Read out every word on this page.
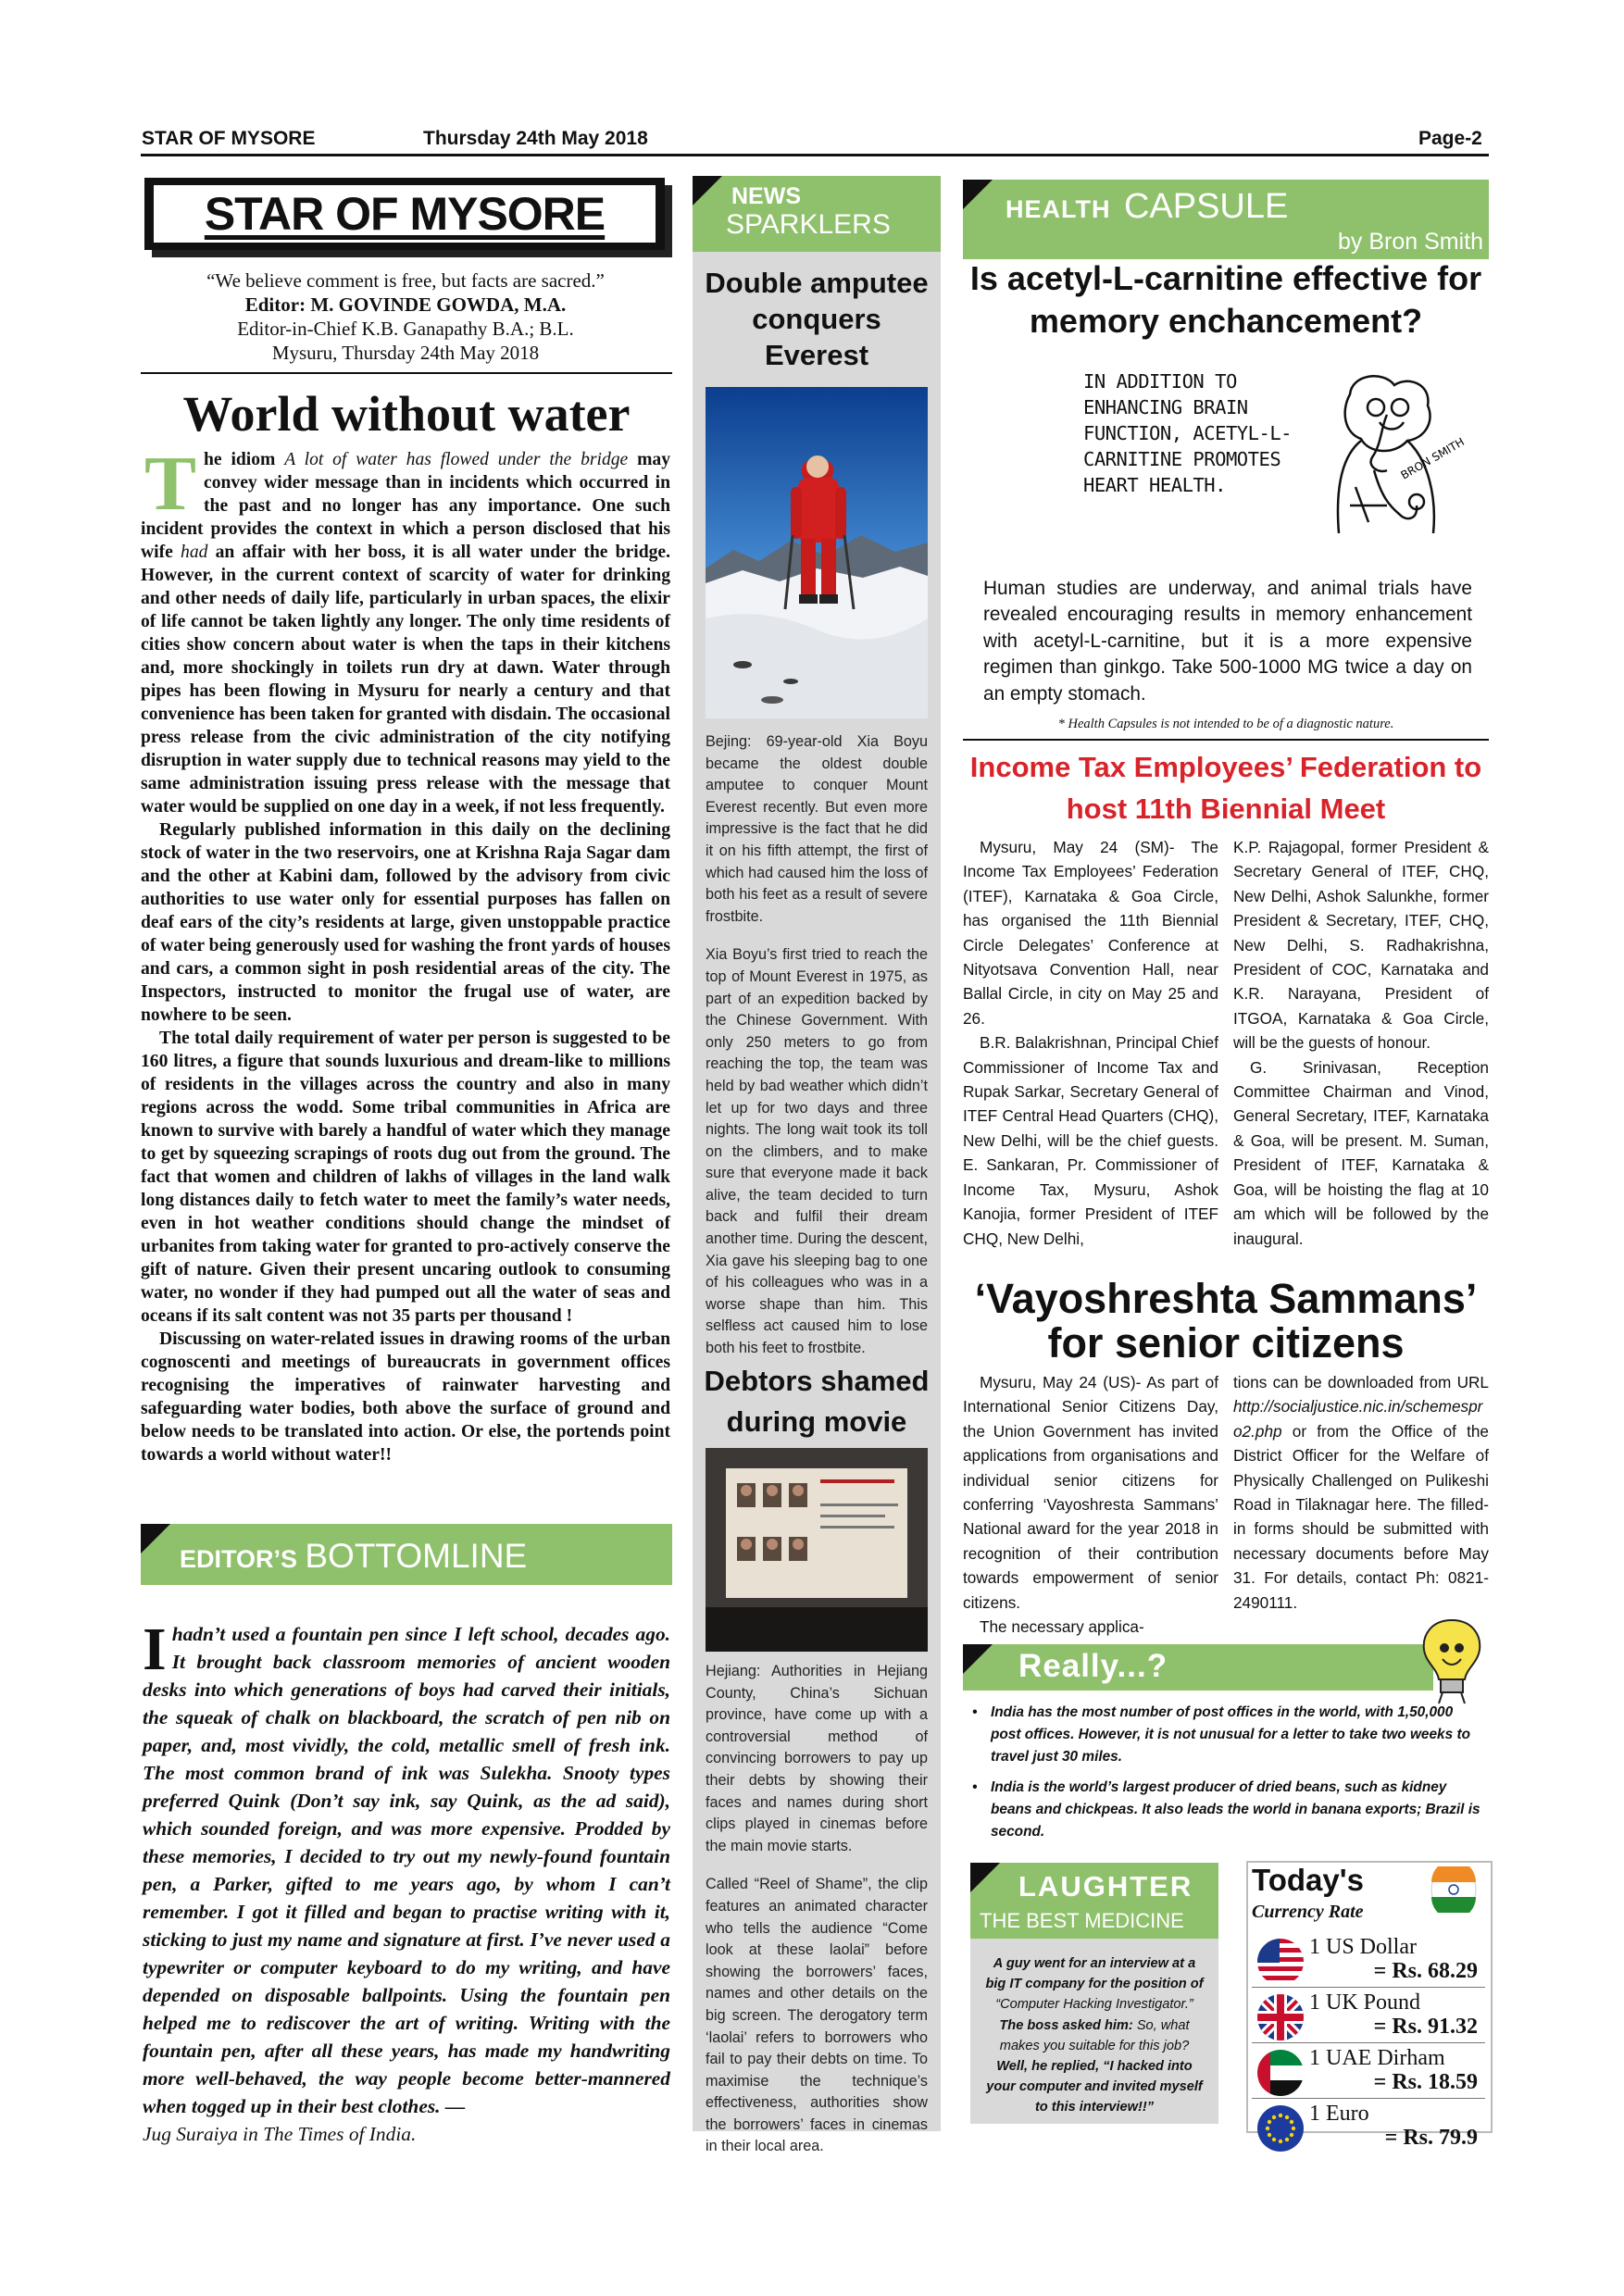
STAR OF MYSORE	Thursday 24th May 2018	Page-2
STAR OF MYSORE
“We believe comment is free, but facts are sacred.”
Editor: M. GOVINDE GOWDA, M.A.
Editor-in-Chief K.B. Ganapathy B.A.; B.L.
Mysuru, Thursday 24th May 2018
World without water

The idiom A lot of water has flowed under the bridge may convey wider message than in incidents which occurred in the past and no longer has any importance. One such incident provides the context in which a person disclosed that his wife had an affair with her boss, it is all water under the bridge. However, in the current context of scarcity of water for drinking and other needs of daily life, particularly in urban spaces, the elixir of life cannot be taken lightly any longer. The only time residents of cities show concern about water is when the taps in their kitchens and, more shockingly in toilets run dry at dawn. Water through pipes has been flowing in Mysuru for nearly a century and that convenience has been taken for granted with disdain. The occasional press release from the civic administration of the city notifying disruption in water supply due to technical reasons may yield to the same administration issuing press release with the message that water would be supplied on one day in a week, if not less frequently.

Regularly published information in this daily on the declining stock of water in the two reservoirs, one at Krishna Raja Sagar dam and the other at Kabini dam, followed by the advisory from civic authorities to use water only for essential purposes has fallen on deaf ears of the city’s residents at large, given unstoppable practice of water being generously used for washing the front yards of houses and cars, a common sight in posh residential areas of the city. The Inspectors, instructed to monitor the frugal use of water, are nowhere to be seen.

The total daily requirement of water per person is suggested to be 160 litres, a figure that sounds luxurious and dream-like to millions of residents in the villages across the country and also in many regions across the wodd. Some tribal communities in Africa are known to survive with barely a handful of water which they manage to get by squeezing scrapings of roots dug out from the ground. The fact that women and children of lakhs of villages in the land walk long distances daily to fetch water to meet the family’s water needs, even in hot weather conditions should change the mindset of urbanites from taking water for granted to pro-actively conserve the gift of nature. Given their present uncaring outlook to consuming water, no wonder if they had pumped out all the water of seas and oceans if its salt content was not 35 parts per thousand !

Discussing on water-related issues in drawing rooms of the urban cognoscenti and meetings of bureaucrats in government offices recognising the imperatives of rainwater harvesting and safeguarding water bodies, both above the surface of ground and below needs to be translated into action. Or else, the portends point towards a world without water!!

EDITOR’S BOTTOMLINE
Ihadn’t used a fountain pen since I left school, decades ago. It brought back classroom memories of ancient wooden desks into which generations of boys had carved their initials, the squeak of chalk on blackboard, the scratch of pen nib on paper, and, most vividly, the cold, metallic smell of fresh ink. The most common brand of ink was Sulekha. Snooty types preferred Quink (Don’t say ink, say Quink, as the ad said), which sounded foreign, and was more expensive. Prodded by these memories, I decided to try out my newly-found fountain pen, a Parker, gifted to me years ago, by whom I can’t remember. I got it filled and began to practise writing with it, sticking to just my name and signature at first. I’ve never used a typewriter or computer keyboard to do my writing, and have depended on disposable ballpoints. Using the fountain pen helped me to rediscover the art of writing. Writing with the fountain pen, after all these years, has made my handwriting more well-behaved, the way people become better-mannered when togged up in their best clothes. —
Jug Suraiya in The Times of India.
NEWS
SPARKLERS
Double amputee conquers Everest

Bejing: 69-year-old Xia Boyu became the oldest double amputee to conquer Mount Everest recently. But even more impressive is the fact that he did it on his fifth attempt, the first of which had caused him the loss of both his feet as a result of severe frostbite.

Xia Boyu’s first tried to reach the top of Mount Everest in 1975, as part of an expedition backed by the Chinese Government. With only 250 meters to go from reaching the top, the team was held by bad weather which didn’t let up for two days and three nights. The long wait took its toll on the climbers, and to make sure that everyone made it back alive, the team decided to turn back and fulfil their dream another time. During the descent, Xia gave his sleeping bag to one of his colleagues who was in a worse shape than him. This selfless act caused him to lose both his feet to frostbite.

Debtors shamed during movie

Hejiang: Authorities in Hejiang County, China’s Sichuan province, have come up with a controversial method of convincing borrowers to pay up their debts by showing their faces and names during short clips played in cinemas before the main movie starts.

Called “Reel of Shame”, the clip features an animated character who tells the audience “Come look at these laolai” before showing the borrowers’ faces, names and other details on the big screen. The derogatory term ‘laolai’ refers to borrowers who fail to pay their debts on time. To maximise the technique’s effectiveness, authorities show the borrowers’ faces in cinemas in their local area.

HEALTH CAPSULE
by Bron Smith
Is acetyl-L-carnitine effective for memory enchancement?
IN ADDITION TO ENHANCING BRAIN FUNCTION, ACETYL-L-CARNITINE PROMOTES HEART HEALTH.
BRON SMITH
Human studies are underway, and animal trials have revealed encouraging results in memory enhancement with acetyl-L-carnitine, but it is a more expensive regimen than ginkgo. Take 500-1000 MG twice a day on an empty stomach.
* Health Capsules is not intended to be of a diagnostic nature.
Income Tax Employees’ Federation to host 11th Biennial Meet
Mysuru, May 24 (SM)- The Income Tax Employees’ Federation (ITEF), Karnataka & Goa Circle, has organised the 11th Biennial Circle Delegates’ Conference at Nityotsava Convention Hall, near Ballal Circle, in city on May 25 and 26.
B.R. Balakrishnan, Principal Chief Commissioner of Income Tax and Rupak Sarkar, Secretary General of ITEF Central Head Quarters (CHQ), New Delhi, will be the chief guests. E. Sankaran, Pr. Commissioner of Income Tax, Mysuru, Ashok Kanojia, former President of ITEF CHQ, New Delhi,
K.P. Rajagopal, former President & Secretary General of ITEF, CHQ, New Delhi, Ashok Salunkhe, former President & Secretary, ITEF, CHQ, New Delhi, S. Radhakrishna, President of COC, Karnataka and K.R. Narayana, President of ITGOA, Karnataka & Goa Circle, will be the guests of honour.
G. Srinivasan, Reception Committee Chairman and Vinod, General Secretary, ITEF, Karnataka & Goa, will be present. M. Suman, President of ITEF, Karnataka & Goa, will be hoisting the flag at 10 am which will be followed by the inaugural.
‘Vayoshreshta Sammans’
for senior citizens
Mysuru, May 24 (US)- As part of International Senior Citizens Day, the Union Government has invited applications from organisations and individual senior citizens for conferring ‘Vayoshresta Sammans’ National award for the year 2018 in recognition of their contribution towards empowerment of senior citizens.
The necessary applica-
tions can be downloaded from URL http://socialjustice.nic.in/schemespro2.php or from the Office of the District Officer for the Welfare of Physically Challenged on Pulikeshi Road in Tilaknagar here. The filled-in forms should be submitted with necessary documents before May 31. For details, contact Ph: 0821-2490111.
Really...?
• India has the most number of post offices in the world, with 1,50,000 post offices. However, it is not unusual for a letter to take two weeks to travel just 30 miles.
• India is the world’s largest producer of dried beans, such as kidney beans and chickpeas. It also leads the world in banana exports; Brazil is second.
LAUGHTER
THE BEST MEDICINE
A guy went for an interview at a big IT company for the position of “Computer Hacking Investigator.”
The boss asked him: So, what makes you suitable for this job?
Well, he replied, “I hacked into your computer and invited myself to this interview!!”
Today's
Currency Rate
1 US Dollar
= Rs. 68.29
1 UK Pound
= Rs. 91.32
1 UAE Dirham
= Rs. 18.59
1 Euro
= Rs. 79.9
